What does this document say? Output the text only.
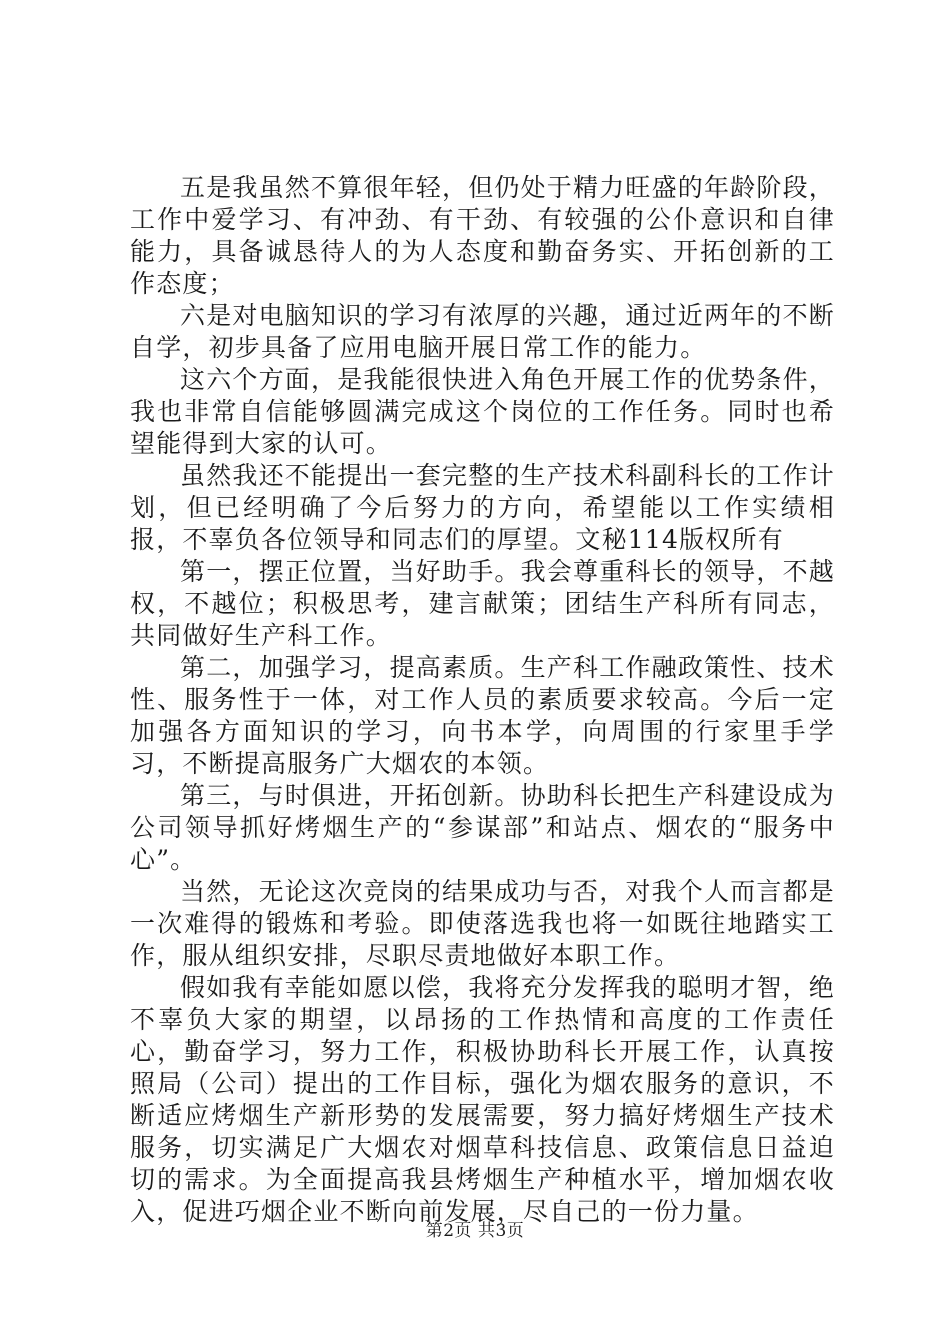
五是我虽然不算很年轻，但仍处于精力旺盛的年龄阶段，工作中爱学习、有冲劲、有干劲、有较强的公仆意识和自律能力，具备诚恳待人的为人态度和勤奋务实、开拓创新的工作态度；

六是对电脑知识的学习有浓厚的兴趣，通过近两年的不断自学，初步具备了应用电脑开展日常工作的能力。

这六个方面，是我能很快进入角色开展工作的优势条件，我也非常自信能够圆满完成这个岗位的工作任务。同时也希望能得到大家的认可。

虽然我还不能提出一套完整的生产技术科副科长的工作计划，但已经明确了今后努力的方向，希望能以工作实绩相报，不辜负各位领导和同志们的厚望。文秘114版权所有

第一，摆正位置，当好助手。我会尊重科长的领导，不越权，不越位；积极思考，建言献策；团结生产科所有同志，共同做好生产科工作。

第二，加强学习，提高素质。生产科工作融政策性、技术性、服务性于一体，对工作人员的素质要求较高。今后一定加强各方面知识的学习，向书本学，向周围的行家里手学习，不断提高服务广大烟农的本领。

第三，与时俱进，开拓创新。协助科长把生产科建设成为公司领导抓好烤烟生产的“参谋部”和站点、烟农的“服务中心”。

当然，无论这次竞岗的结果成功与否，对我个人而言都是一次难得的锻炼和考验。即使落选我也将一如既往地踏实工作，服从组织安排，尽职尽责地做好本职工作。

假如我有幸能如愿以偿，我将充分发挥我的聪明才智，绝不辜负大家的期望，以昂扬的工作热情和高度的工作责任心，勤奋学习，努力工作，积极协助科长开展工作，认真按照局（公司）提出的工作目标，强化为烟农服务的意识，不断适应烤烟生产新形势的发展需要，努力搞好烤烟生产技术服务，切实满足广大烟农对烟草科技信息、政策信息日益迫切的需求。为全面提高我县烤烟生产种植水平，增加烟农收入，促进巧烟企业不断向前发展，尽自己的一份力量。

第2页 共3页
